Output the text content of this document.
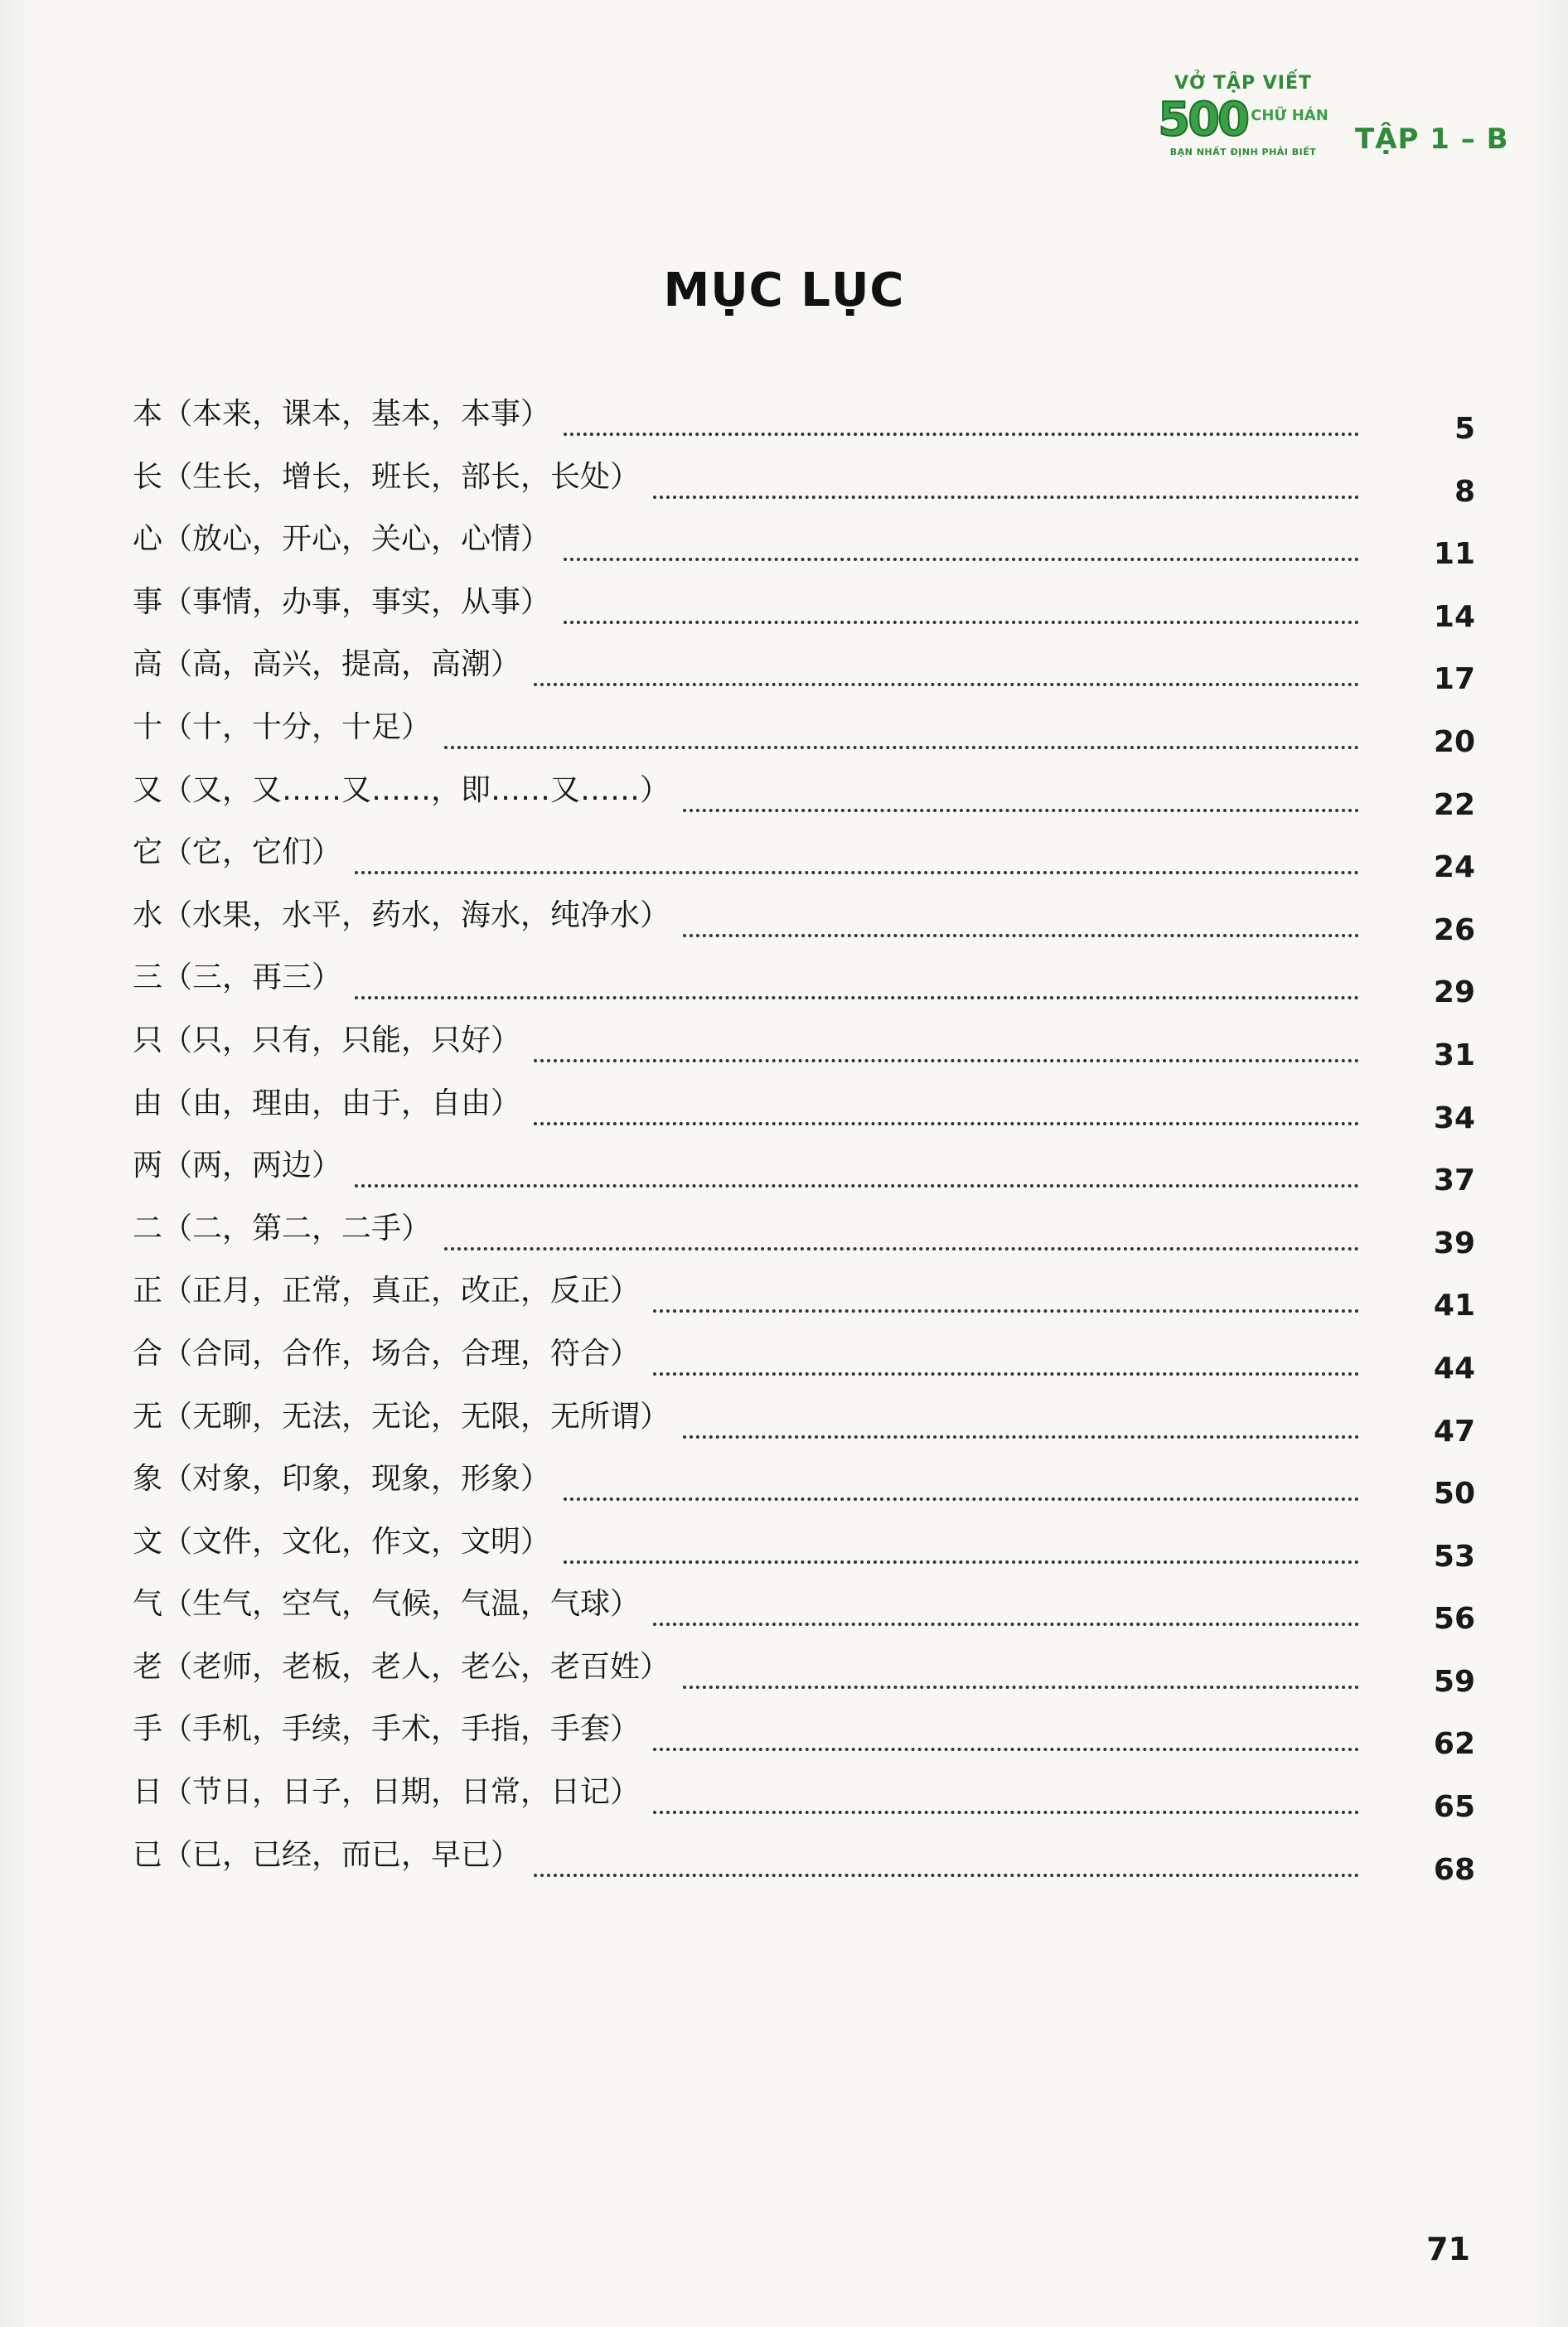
VỞ TẬP VIẾT
500 CHỮ HÁN
BẠN NHẤT ĐỊNH PHẢI BIẾT	TẬP 1 – B
MỤC LỤC
本（本来，课本，基本，本事）	5
长（生长，增长，班长，部长，长处）	8
心（放心，开心，关心，心情）	11
事（事情，办事，事实，从事）	14
高（高，高兴，提高，高潮）	17
十（十，十分，十足）	20
又（又，又……又……，即……又……）	22
它（它，它们）	24
水（水果，水平，药水，海水，纯净水）	26
三（三，再三）	29
只（只，只有，只能，只好）	31
由（由，理由，由于，自由）	34
两（两，两边）	37
二（二，第二，二手）	39
正（正月，正常，真正，改正，反正）	41
合（合同，合作，场合，合理，符合）	44
无（无聊，无法，无论，无限，无所谓）	47
象（对象，印象，现象，形象）	50
文（文件，文化，作文，文明）	53
气（生气，空气，气候，气温，气球）	56
老（老师，老板，老人，老公，老百姓）	59
手（手机，手续，手术，手指，手套）	62
日（节日，日子，日期，日常，日记）	65
已（已，已经，而已，早已）	68
71
